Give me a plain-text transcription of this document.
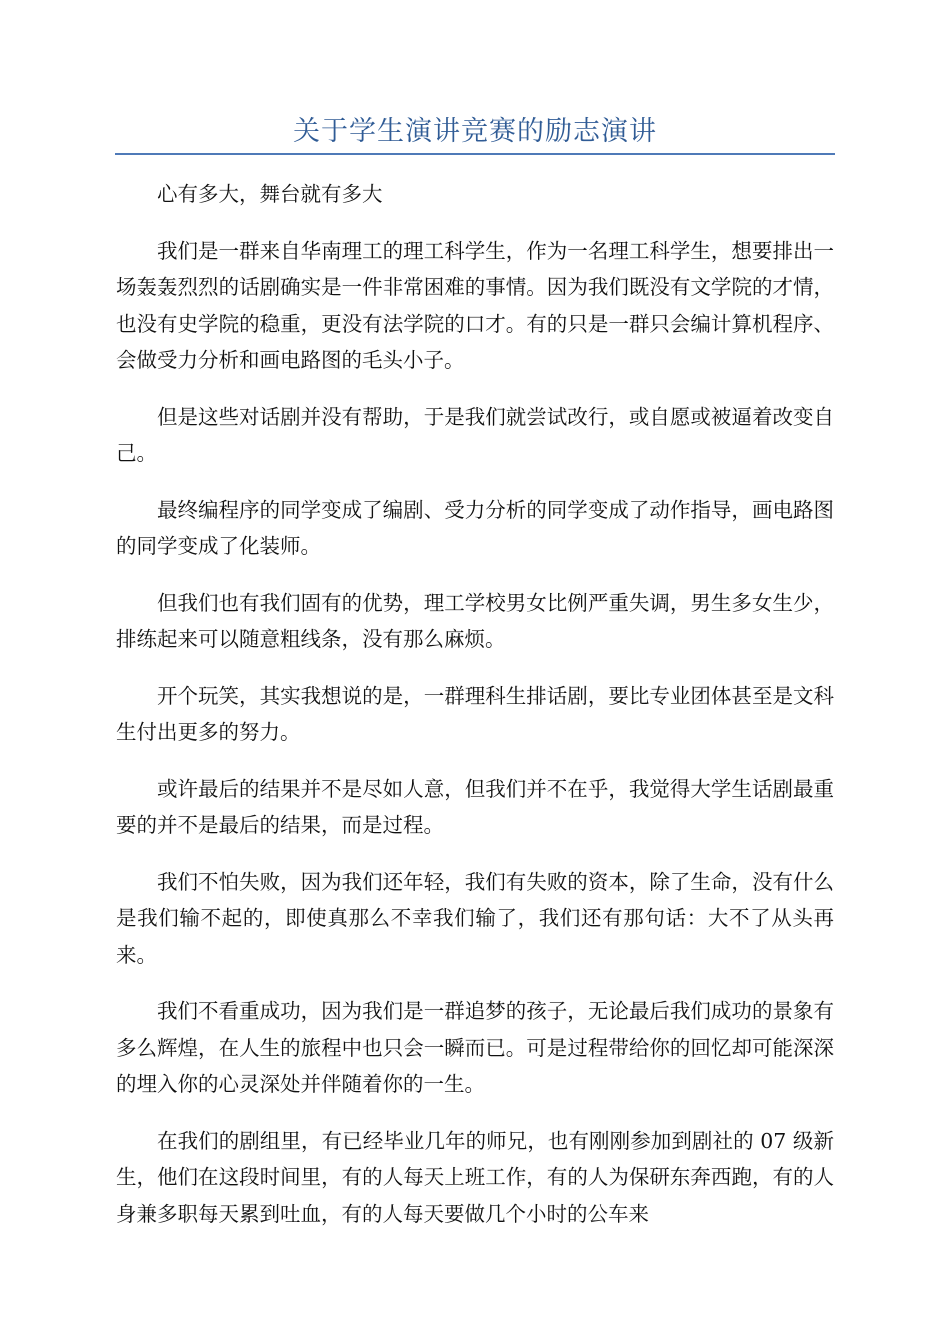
关于学生演讲竞赛的励志演讲

心有多大，舞台就有多大

我们是一群来自华南理工的理工科学生，作为一名理工科学生，想要排出一场轰轰烈烈的话剧确实是一件非常困难的事情。因为我们既没有文学院的才情，也没有史学院的稳重，更没有法学院的口才。有的只是一群只会编计算机程序、会做受力分析和画电路图的毛头小子。

但是这些对话剧并没有帮助，于是我们就尝试改行，或自愿或被逼着改变自己。

最终编程序的同学变成了编剧、受力分析的同学变成了动作指导，画电路图的同学变成了化装师。

但我们也有我们固有的优势，理工学校男女比例严重失调，男生多女生少，排练起来可以随意粗线条，没有那么麻烦。

开个玩笑，其实我想说的是，一群理科生排话剧，要比专业团体甚至是文科生付出更多的努力。

或许最后的结果并不是尽如人意，但我们并不在乎，我觉得大学生话剧最重要的并不是最后的结果，而是过程。

我们不怕失败，因为我们还年轻，我们有失败的资本，除了生命，没有什么是我们输不起的，即使真那么不幸我们输了，我们还有那句话：大不了从头再来。

我们不看重成功，因为我们是一群追梦的孩子，无论最后我们成功的景象有多么辉煌，在人生的旅程中也只会一瞬而已。可是过程带给你的回忆却可能深深的埋入你的心灵深处并伴随着你的一生。

在我们的剧组里，有已经毕业几年的师兄，也有刚刚参加到剧社的 07 级新生，他们在这段时间里，有的人每天上班工作，有的人为保研东奔西跑，有的人身兼多职每天累到吐血，有的人每天要做几个小时的公车来
